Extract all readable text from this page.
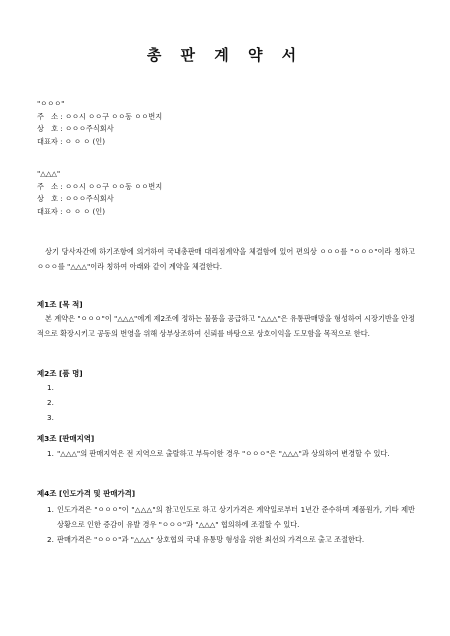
총 판 계 약 서
"ㅇㅇㅇ"
주　소 : ㅇㅇ시 ㅇㅇ구 ㅇㅇ동 ㅇㅇ번지
상　호 : ㅇㅇㅇ주식회사
대표자 : ㅇ ㅇ ㅇ (인)
"△△△"
주　소 : ㅇㅇ시 ㅇㅇ구 ㅇㅇ동 ㅇㅇ번지
상　호 : ㅇㅇㅇ주식회사
대표자 : ㅇ ㅇ ㅇ (인)
상기 당사자간에 하기조항에 의거하여 국내총판매 대리점계약을 체결함에 있어 편의상 ㅇㅇㅇ를 "ㅇㅇㅇ"이라 칭하고 ㅇㅇㅇ를 "△△△"이라 칭하여 아래와 같이 계약을 체결한다.
제1조 [목 적]
본 계약은 "ㅇㅇㅇ"이 "△△△"에게 제2조에 정하는 물품을 공급하고 "△△△"은 유통판매망을 형성하여 시장기반을 안정적으로 확장시키고 공동의 번영을 위해 상부상조하여 신뢰를 바탕으로 상호이익을 도모함을 목적으로 한다.
제2조 [품 명]
1.
2.
3.
제3조 [판매지역]
1. "△△△"의 판매지역은 전 지역으로 출랄하고 부득이한 경우 "ㅇㅇㅇ"은 "△△△"과 상의하여 변경할 수 있다.
제4조 [인도가격 및 판매가격]
1. 인도가격은 "ㅇㅇㅇ"이 "△△△"의 참고인도로 하고 상기가격은 계약일로부터 1년간 준수하며 제품원가, 기타 제반상황으로 인한 증감이 유발 경우 "ㅇㅇㅇ"과 "△△△" 협의하에 조절할 수 있다.
2. 판매가격은 "ㅇㅇㅇ"과 "△△△" 상호협의 국내 유통망 형성을 위한 최선의 가격으로 출고 조절한다.
